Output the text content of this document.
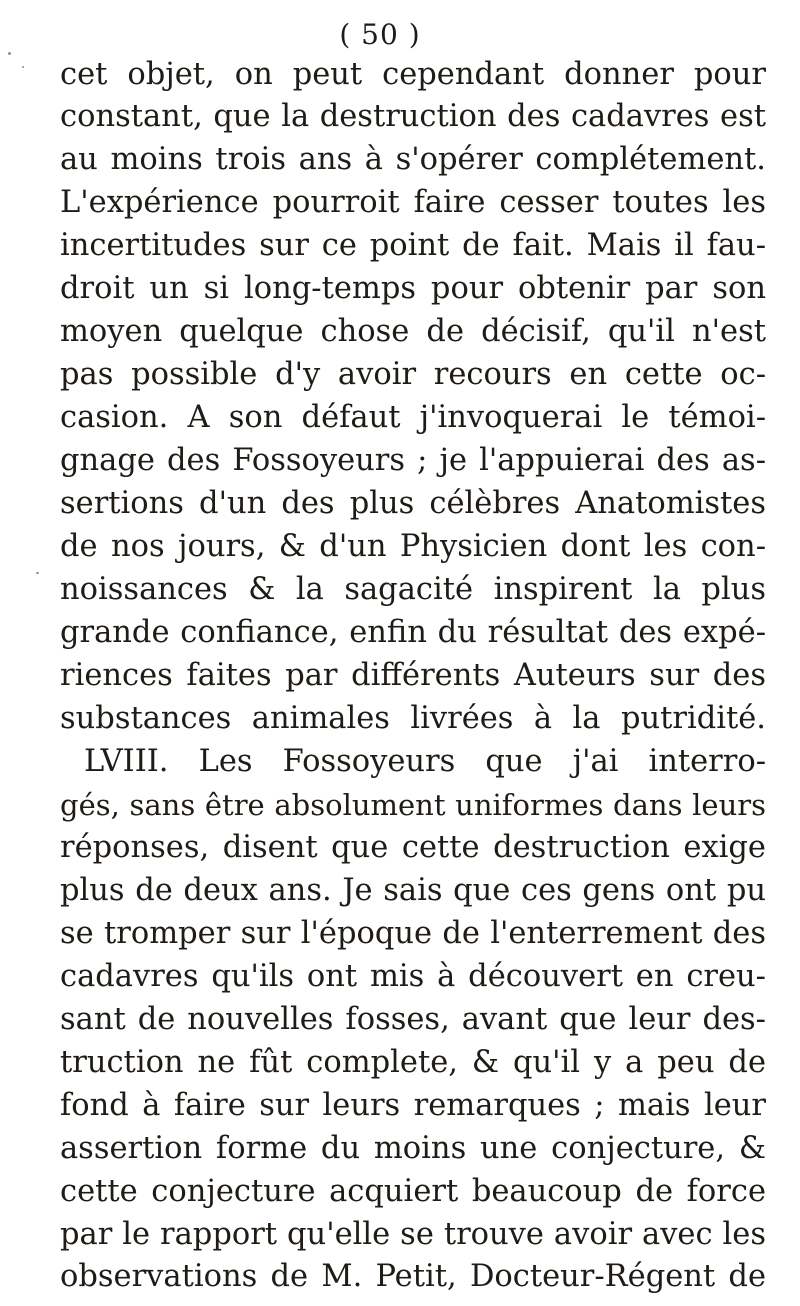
( 50 )
cet objet, on peut cependant donner pour
constant, que la destruction des cadavres est
au moins trois ans à s'opérer complétement.
L'expérience pourroit faire cesser toutes les
incertitudes sur ce point de fait. Mais il fau-
droit un si long-temps pour obtenir par son
moyen quelque chose de décisif, qu'il n'est
pas possible d'y avoir recours en cette oc-
casion. A son défaut j'invoquerai le témoi-
gnage des Fossoyeurs ; je l'appuierai des as-
sertions d'un des plus célèbres Anatomistes
de nos jours, & d'un Physicien dont les con-
noissances & la sagacité inspirent la plus
grande confiance, enfin du résultat des expé-
riences faites par différents Auteurs sur des
substances animales livrées à la putridité.
LVIII. Les Fossoyeurs que j'ai interro-
gés, sans être absolument uniformes dans leurs
réponses, disent que cette destruction exige
plus de deux ans. Je sais que ces gens ont pu
se tromper sur l'époque de l'enterrement des
cadavres qu'ils ont mis à découvert en creu-
sant de nouvelles fosses, avant que leur des-
truction ne fût complete, & qu'il y a peu de
fond à faire sur leurs remarques ; mais leur
assertion forme du moins une conjecture, &
cette conjecture acquiert beaucoup de force
par le rapport qu'elle se trouve avoir avec les
observations de M. Petit, Docteur-Régent de
